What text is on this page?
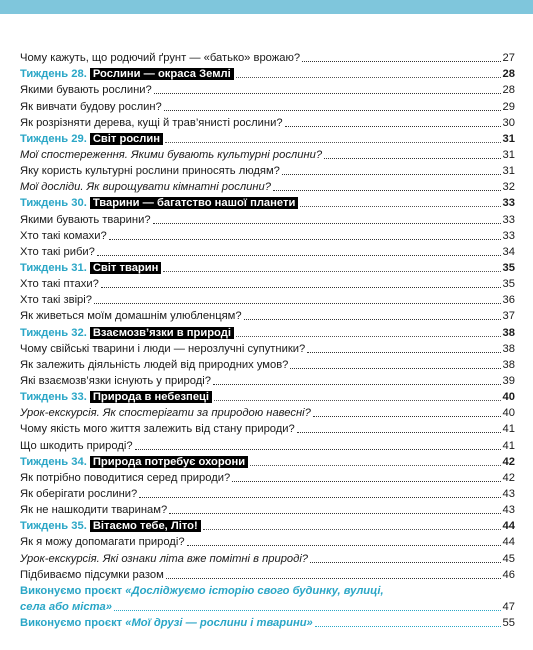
Чому кажуть, що родючий ґрунт — «батько» врожаю?	27
Тиждень 28. Рослини — окраса Землі	28
Якими бувають рослини?	28
Як вивчати будову рослин?	29
Як розрізняти дерева, кущі й трав’янисті рослини?	30
Тиждень 29. Світ рослин	31
Мої спостереження. Якими бувають культурні рослини?	31
Яку користь культурні рослини приносять людям?	31
Мої досліди. Як вирощувати кімнатні рослини?	32
Тиждень 30. Тварини — багатство нашої планети	33
Якими бувають тварини?	33
Хто такі комахи?	33
Хто такі риби?	34
Тиждень 31. Світ тварин	35
Хто такі птахи?	35
Хто такі звірі?	36
Як живеться моїм домашнім улюбленцям?	37
Тиждень 32. Взаємозв’язки в природі	38
Чому свійські тварини і люди — нерозлучні супутники?	38
Як залежить діяльність людей від природних умов?	38
Які взаємозв’язки існують у природі?	39
Тиждень 33. Природа в небезпеці	40
Урок-екскурсія. Як спостерігати за природою навесні?	40
Чому якість мого життя залежить від стану природи?	41
Що шкодить природі?	41
Тиждень 34. Природа потребує охорони	42
Як потрібно поводитися серед природи?	42
Як оберігати рослини?	43
Як не нашкодити тваринам?	43
Тиждень 35. Вітаємо тебе, Літо!	44
Як я можу допомагати природі?	44
Урок-екскурсія. Які ознаки літа вже помітні в природі?	45
Підбиваємо підсумки разом	46
Виконуємо проєкт «Досліджуємо історію свого будинку, вулиці,
села або міста»	47
Виконуємо проєкт «Мої друзі — рослини і тварини»	55
